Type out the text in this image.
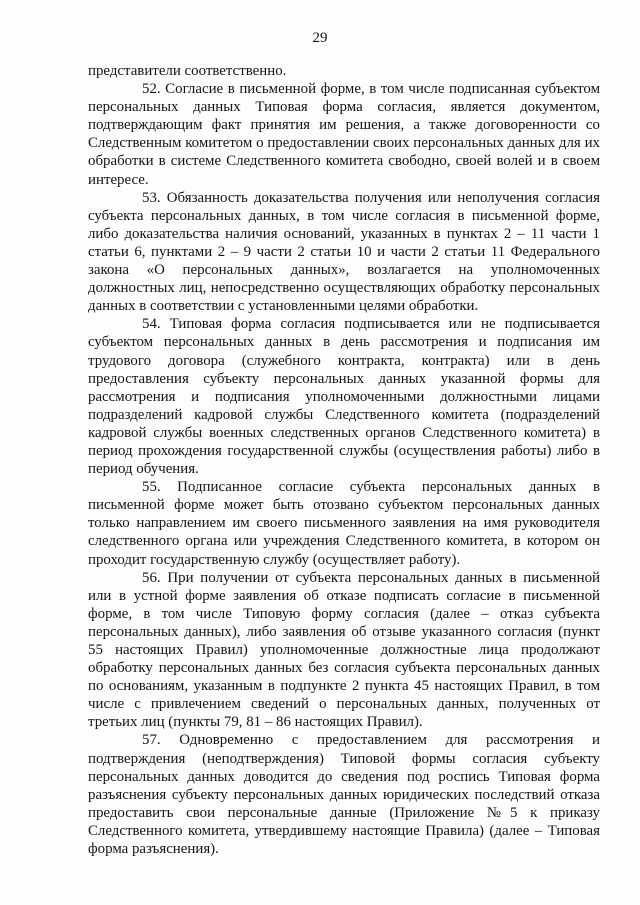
29

представители соответственно.

52. Согласие в письменной форме, в том числе подписанная субъектом персональных данных Типовая форма согласия, является документом, подтверждающим факт принятия им решения, а также договоренности со Следственным комитетом о предоставлении своих персональных данных для их обработки в системе Следственного комитета свободно, своей волей и в своем интересе.

53. Обязанность доказательства получения или неполучения согласия субъекта персональных данных, в том числе согласия в письменной форме, либо доказательства наличия оснований, указанных в пунктах 2 – 11 части 1 статьи 6, пунктами 2 – 9 части 2 статьи 10 и части 2 статьи 11 Федерального закона «О персональных данных», возлагается на уполномоченных должностных лиц, непосредственно осуществляющих обработку персональных данных в соответствии с установленными целями обработки.

54. Типовая форма согласия подписывается или не подписывается субъектом персональных данных в день рассмотрения и подписания им трудового договора (служебного контракта, контракта) или в день предоставления субъекту персональных данных указанной формы для рассмотрения и подписания уполномоченными должностными лицами подразделений кадровой службы Следственного комитета (подразделений кадровой службы военных следственных органов Следственного комитета) в период прохождения государственной службы (осуществления работы) либо в период обучения.

55. Подписанное согласие субъекта персональных данных в письменной форме может быть отозвано субъектом персональных данных только направлением им своего письменного заявления на имя руководителя следственного органа или учреждения Следственного комитета, в котором он проходит государственную службу (осуществляет работу).

56. При получении от субъекта персональных данных в письменной или в устной форме заявления об отказе подписать согласие в письменной форме, в том числе Типовую форму согласия (далее – отказ субъекта персональных данных), либо заявления об отзыве указанного согласия (пункт 55 настоящих Правил) уполномоченные должностные лица продолжают обработку персональных данных без согласия субъекта персональных данных по основаниям, указанным в подпункте 2 пункта 45 настоящих Правил, в том числе с привлечением сведений о персональных данных, полученных от третьих лиц (пункты 79, 81 – 86 настоящих Правил).

57. Одновременно с предоставлением для рассмотрения и подтверждения (неподтверждения) Типовой формы согласия субъекту персональных данных доводится до сведения под роспись Типовая форма разъяснения субъекту персональных данных юридических последствий отказа предоставить свои персональные данные (Приложение №5 к приказу Следственного комитета, утвердившему настоящие Правила) (далее – Типовая форма разъяснения).
